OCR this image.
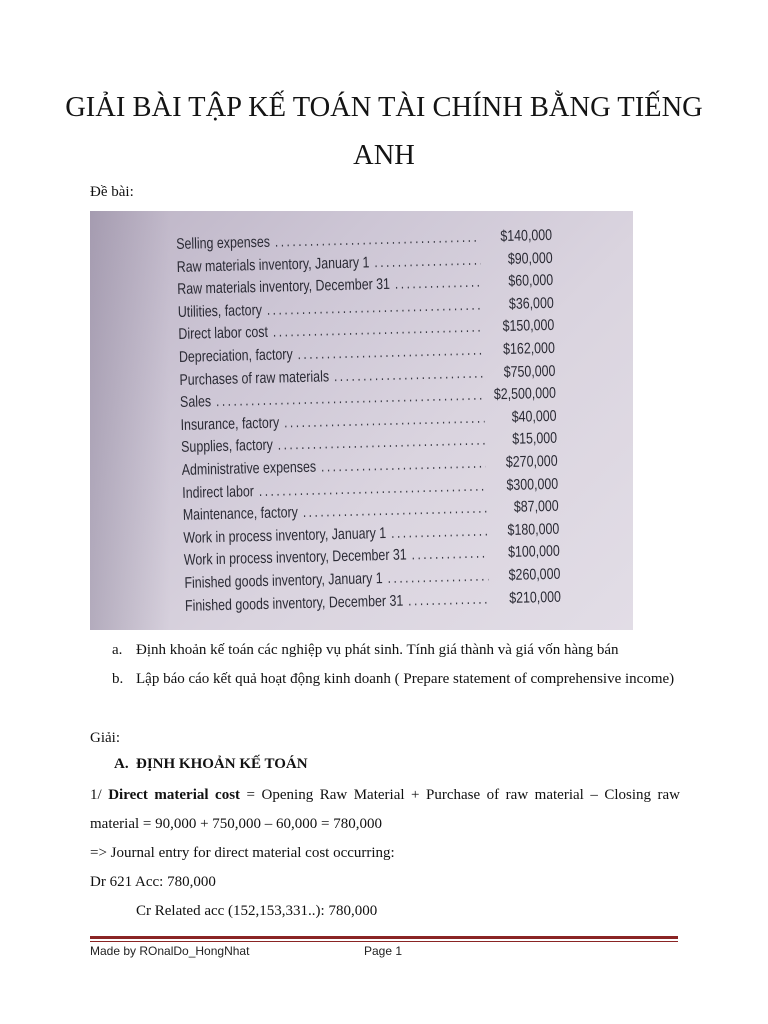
GIẢI BÀI TẬP KẾ TOÁN TÀI CHÍNH BẰNG TIẾNG ANH
Đề bài:
Selling expenses .....	$140,000
Raw materials inventory, January 1 .....	$90,000
Raw materials inventory, December 31 .....	$60,000
Utilities, factory .....	$36,000
Direct labor cost .....	$150,000
Depreciation, factory .....	$162,000
Purchases of raw materials .....	$750,000
Sales .....	$2,500,000
Insurance, factory .....	$40,000
Supplies, factory .....	$15,000
Administrative expenses .....	$270,000
Indirect labor .....	$300,000
Maintenance, factory .....	$87,000
Work in process inventory, January 1 .....	$180,000
Work in process inventory, December 31 .....	$100,000
Finished goods inventory, January 1 .....	$260,000
Finished goods inventory, December 31 .....	$210,000
a. Định khoản kế toán các nghiệp vụ phát sinh. Tính giá thành và giá vốn hàng bán
b. Lập báo cáo kết quả hoạt động kinh doanh ( Prepare statement of comprehensive income)
Giải:
A. ĐỊNH KHOẢN KẾ TOÁN

1/ Direct material cost = Opening Raw Material + Purchase of raw material – Closing raw material = 90,000 + 750,000 – 60,000 = 780,000

=> Journal entry for direct material cost occurring:
Dr 621 Acc: 780,000
Cr Related acc (152,153,331..): 780,000
Made by ROnalDo_HongNhat	Page 1
